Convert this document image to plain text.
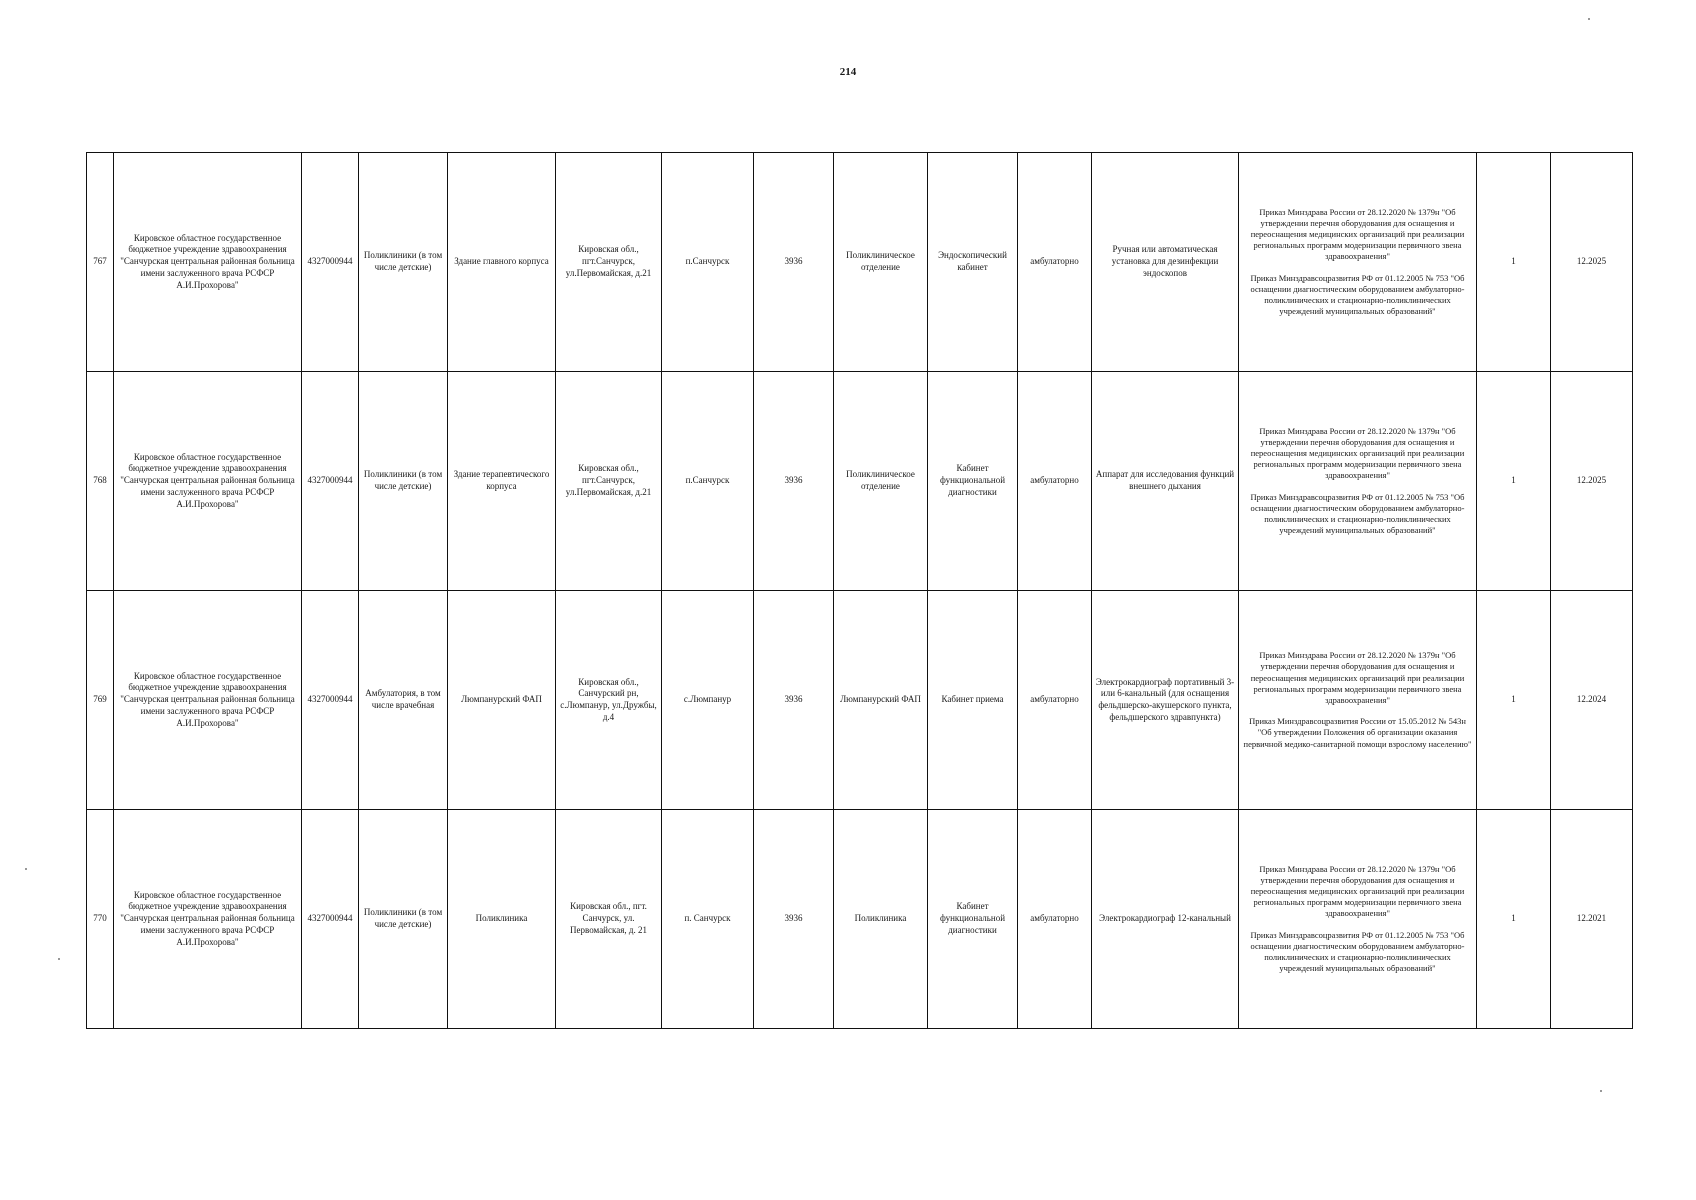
214
767	Кировское областное государственное бюджетное учреждение здравоохранения "Санчурская центральная районная больница имени заслуженного врача РСФСР А.И.Прохорова"	4327000944	Поликлиники (в том числе детские)	Здание главного корпуса	Кировская обл., пгт.Санчурск, ул.Первомайская, д.21	п.Санчурск	3936	Поликлиническое отделение	Эндоскопический кабинет	амбулаторно	Ручная или автоматическая установка для дезинфекции эндоскопов	Приказ Минздрава России от 28.12.2020 № 1379н "Об утверждении перечня оборудования для оснащения и переоснащения медицинских организаций при реализации региональных программ модернизации первичного звена здравоохранения"
Приказ Минздравсоцразвития РФ от 01.12.2005 № 753 "Об оснащении диагностическим оборудованием амбулаторно-поликлинических и стационарно-поликлинических учреждений муниципальных образований"	1	12.2025
768	Кировское областное государственное бюджетное учреждение здравоохранения "Санчурская центральная районная больница имени заслуженного врача РСФСР А.И.Прохорова"	4327000944	Поликлиники (в том числе детские)	Здание терапевтического корпуса	Кировская обл., пгт.Санчурск, ул.Первомайская, д.21	п.Санчурск	3936	Поликлиническое отделение	Кабинет функциональной диагностики	амбулаторно	Аппарат для исследования функций внешнего дыхания	Приказ Минздрава России от 28.12.2020 № 1379н "Об утверждении перечня оборудования для оснащения и переоснащения медицинских организаций при реализации региональных программ модернизации первичного звена здравоохранения"
Приказ Минздравсоцразвития РФ от 01.12.2005 № 753 "Об оснащении диагностическим оборудованием амбулаторно-поликлинических и стационарно-поликлинических учреждений муниципальных образований"	1	12.2025
769	Кировское областное государственное бюджетное учреждение здравоохранения "Санчурская центральная районная больница имени заслуженного врача РСФСР А.И.Прохорова"	4327000944	Амбулатория, в том числе врачебная	Люмпанурский ФАП	Кировская обл., Санчурский рн, с.Люмпанур, ул.Дружбы, д.4	с.Люмпанур	3936	Люмпанурский ФАП	Кабинет приема	амбулаторно	Электрокардиограф портативный 3- или 6-канальный (для оснащения фельдшерско-акушерского пункта, фельдшерского здравпункта)	Приказ Минздрава России от 28.12.2020 № 1379н "Об утверждении перечня оборудования для оснащения и переоснащения медицинских организаций при реализации региональных программ модернизации первичного звена здравоохранения"
Приказ Минздравсоцразвития России от 15.05.2012 № 543н "Об утверждении Положения об организации оказания первичной медико-санитарной помощи взрослому населению"	1	12.2024
770	Кировское областное государственное бюджетное учреждение здравоохранения "Санчурская центральная районная больница имени заслуженного врача РСФСР А.И.Прохорова"	4327000944	Поликлиники (в том числе детские)	Поликлиника	Кировская обл., пгт. Санчурск, ул. Первомайская, д. 21	п. Санчурск	3936	Поликлиника	Кабинет функциональной диагностики	амбулаторно	Электрокардиограф 12-канальный	Приказ Минздрава России от 28.12.2020 № 1379н "Об утверждении перечня оборудования для оснащения и переоснащения медицинских организаций при реализации региональных программ модернизации первичного звена здравоохранения"
Приказ Минздравсоцразвития РФ от 01.12.2005 № 753 "Об оснащении диагностическим оборудованием амбулаторно-поликлинических и стационарно-поликлинических учреждений муниципальных образований"	1	12.2021
